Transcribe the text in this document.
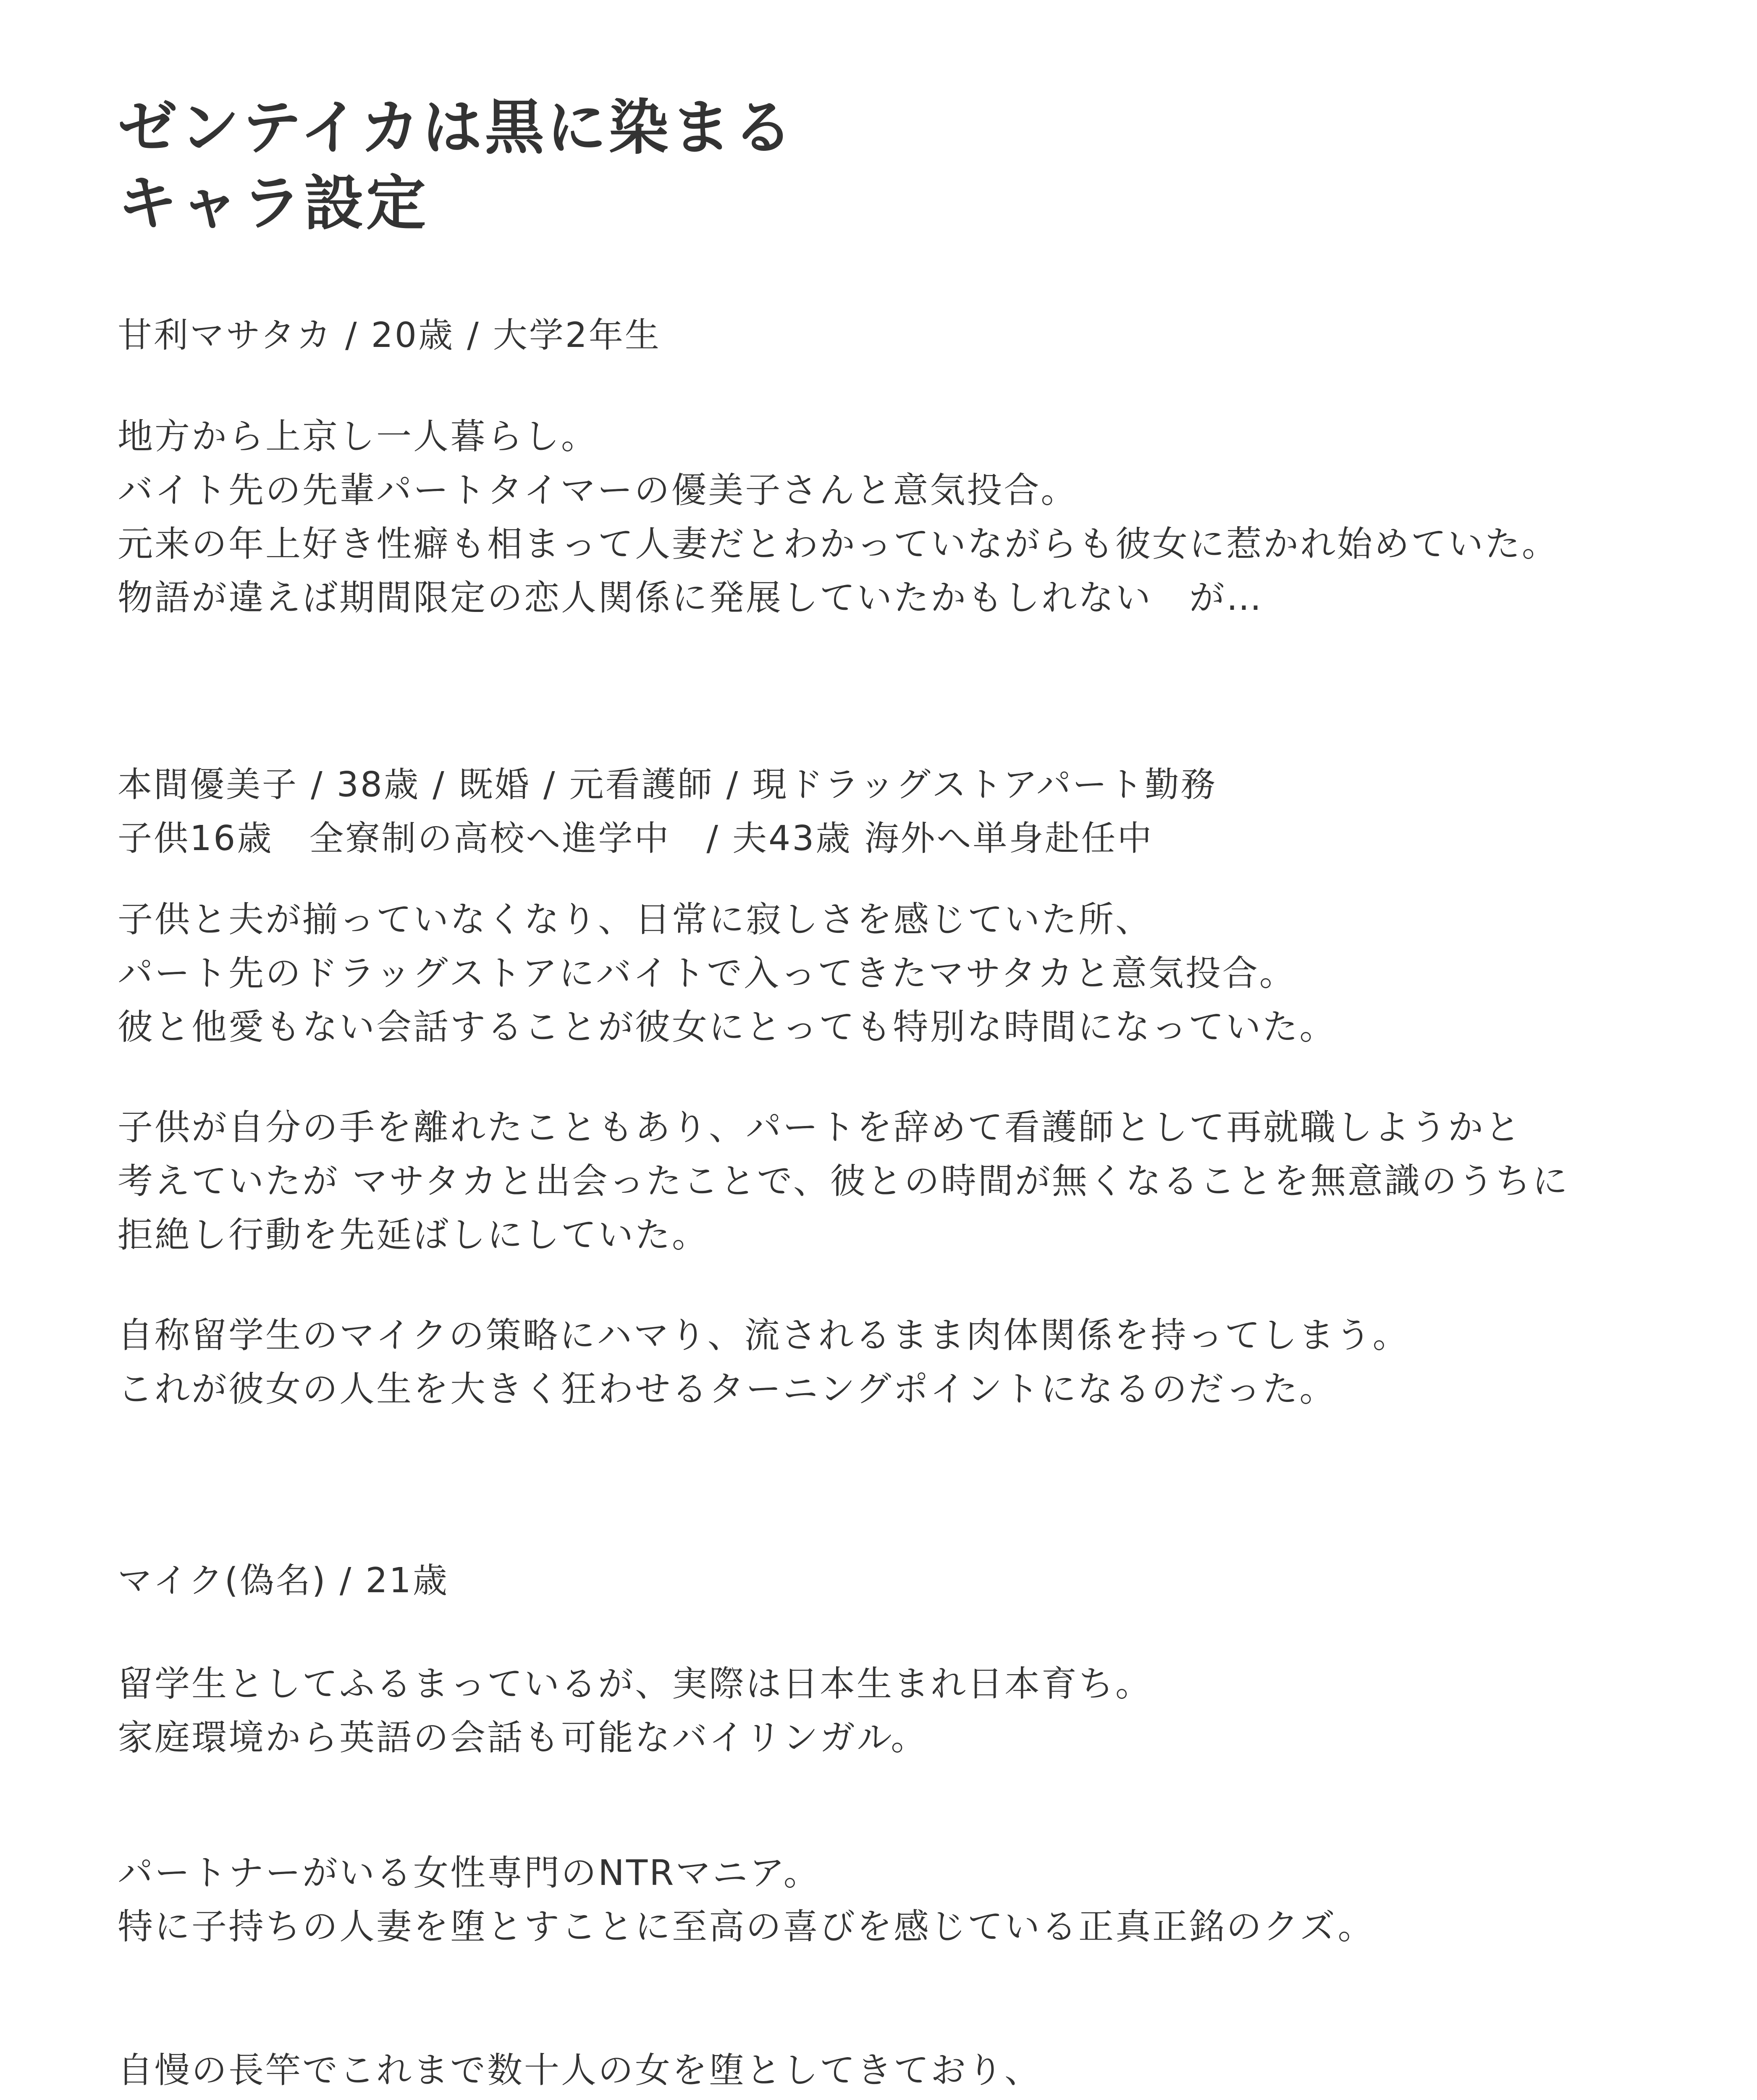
ゼンテイカは黒に染まる
キャラ設定
甘利マサタカ / 20歳 / 大学2年生
地方から上京し一人暮らし。
バイト先の先輩パートタイマーの優美子さんと意気投合。
元来の年上好き性癖も相まって人妻だとわかっていながらも彼女に惹かれ始めていた。
物語が違えば期間限定の恋人関係に発展していたかもしれない　が…
本間優美子 / 38歳 / 既婚 / 元看護師 / 現ドラッグストアパート勤務
子供16歳　全寮制の高校へ進学中　/ 夫43歳 海外へ単身赴任中
子供と夫が揃っていなくなり、日常に寂しさを感じていた所、
パート先のドラッグストアにバイトで入ってきたマサタカと意気投合。
彼と他愛もない会話することが彼女にとっても特別な時間になっていた。
子供が自分の手を離れたこともあり、パートを辞めて看護師として再就職しようかと
考えていたが マサタカと出会ったことで、彼との時間が無くなることを無意識のうちに
拒絶し行動を先延ばしにしていた。
自称留学生のマイクの策略にハマり、流されるまま肉体関係を持ってしまう。
これが彼女の人生を大きく狂わせるターニングポイントになるのだった。
マイク(偽名) / 21歳
留学生としてふるまっているが、実際は日本生まれ日本育ち。
家庭環境から英語の会話も可能なバイリンガル。
パートナーがいる女性専門のNTRマニア。
特に子持ちの人妻を堕とすことに至高の喜びを感じている正真正銘のクズ。
自慢の長竿でこれまで数十人の女を堕としてきており、
